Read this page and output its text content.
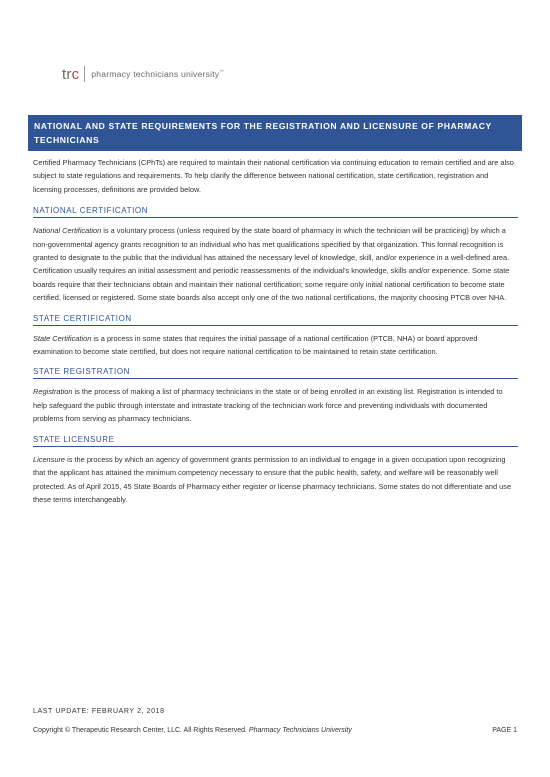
trc pharmacy technicians university™
NATIONAL AND STATE REQUIREMENTS FOR THE REGISTRATION AND LICENSURE OF PHARMACY TECHNICIANS

Certified Pharmacy Technicians (CPhTs) are required to maintain their national certification via continuing education to remain certified and are also subject to state regulations and requirements. To help clarify the difference between national certification, state certification, registration and licensing processes, definitions are provided below.

NATIONAL CERTIFICATION

National Certification is a voluntary process (unless required by the state board of pharmacy in which the technician will be practicing) by which a non-governmental agency grants recognition to an individual who has met qualifications specified by that organization. This formal recognition is granted to designate to the public that the individual has attained the necessary level of knowledge, skill, and/or experience in a well-defined area. Certification usually requires an initial assessment and periodic reassessments of the individual’s knowledge, skills and/or experience. Some state boards require that their technicians obtain and maintain their national certification; some require only initial national certification to become state certified, licensed or registered. Some state boards also accept only one of the two national certifications, the majority choosing PTCB over NHA.

STATE CERTIFICATION

State Certification is a process in some states that requires the initial passage of a national certification (PTCB, NHA) or board approved examination to become state certified, but does not require national certification to be maintained to retain state certification.

STATE REGISTRATION

Registration is the process of making a list of pharmacy technicians in the state or of being enrolled in an existing list. Registration is intended to help safeguard the public through interstate and intrastate tracking of the technician work force and preventing individuals with documented problems from serving as pharmacy technicians.

STATE LICENSURE

Licensure is the process by which an agency of government grants permission to an individual to engage in a given occupation upon recognizing that the applicant has attained the minimum competency necessary to ensure that the public health, safety, and welfare will be reasonably well protected. As of April 2015, 45 State Boards of Pharmacy either register or license pharmacy technicians. Some states do not differentiate and use these terms interchangeably.

LAST UPDATE: FEBRUARY 2, 2018
Copyright © Therapeutic Research Center, LLC. All Rights Reserved. Pharmacy Technicians University	PAGE 1
